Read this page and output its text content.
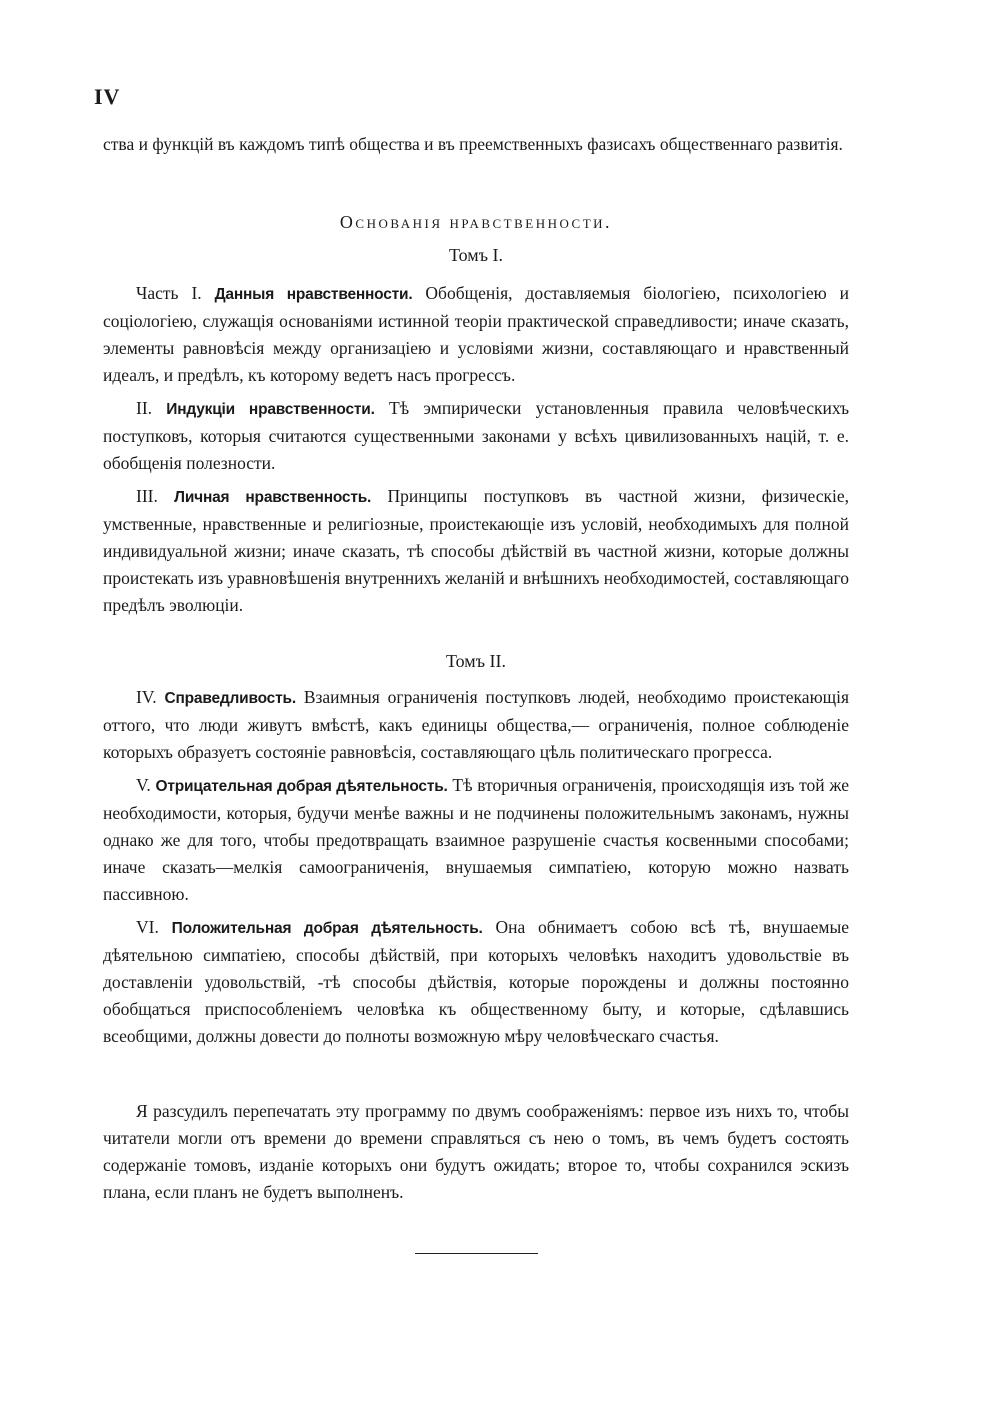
IV
ства и функцій въ каждомъ типѣ общества и въ преемственныхъ фазисахъ общественнаго развитія.
Основанія нравственности.
Томъ I.

Часть I. Данныя нравственности. Обобщенія, доставляемыя біологіею, психологіею и соціологіею, служащія основаніями истинной теоріи практической справедливости; иначе сказать, элементы равновѣсія между организаціею и условіями жизни, составляющаго и нравственный идеалъ, и предѣлъ, къ которому ведетъ насъ прогрессъ.

II. Индукціи нравственности. Тѣ эмпирически установленныя правила человѣческихъ поступковъ, которыя считаются существенными законами у всѣхъ цивилизованныхъ націй, т. е. обобщенія полезности.

III. Личная нравственность. Принципы поступковъ въ частной жизни, физическіе, умственные, нравственные и религіозные, проистекающіе изъ условій, необходимыхъ для полной индивидуальной жизни; иначе сказать, тѣ способы дѣйствій въ частной жизни, которые должны проистекать изъ уравновѣшенія внутреннихъ желаній и внѣшнихъ необходимостей, составляющаго предѣлъ эволюціи.

Томъ II.

IV. Справедливость. Взаимныя ограниченія поступковъ людей, необходимо проистекающія оттого, что люди живутъ вмѣстѣ, какъ единицы общества,— ограниченія, полное соблюденіе которыхъ образуетъ состояніе равновѣсія, составляющаго цѣль политическаго прогресса.

V. Отрицательная добрая дѣятельность. Тѣ вторичныя ограниченія, происходящія изъ той же необходимости, которыя, будучи менѣе важны и не подчинены положительнымъ законамъ, нужны однако же для того, чтобы предотвращать взаимное разрушеніе счастья косвенными способами; иначе сказать—мелкія самоограниченія, внушаемыя симпатіею, которую можно назвать пассивною.

VI. Положительная добрая дѣятельность. Она обнимаетъ собою всѣ тѣ, внушаемые дѣятельною симпатіею, способы дѣйствій, при которыхъ человѣкъ находитъ удовольствіе въ доставленіи удовольствій, -тѣ способы дѣйствія, которые порождены и должны постоянно обобщаться приспособленіемъ человѣка къ общественному быту, и которые, сдѣлавшись всеобщими, должны довести до полноты возможную мѣру человѣческаго счастья.

Я разсудилъ перепечатать эту программу по двумъ соображеніямъ: первое изъ нихъ то, чтобы читатели могли отъ времени до времени справляться съ нею о томъ, въ чемъ будетъ состоять содержаніе томовъ, изданіе которыхъ они будутъ ожидать; второе то, чтобы сохранился эскизъ плана, если планъ не будетъ выполненъ.
